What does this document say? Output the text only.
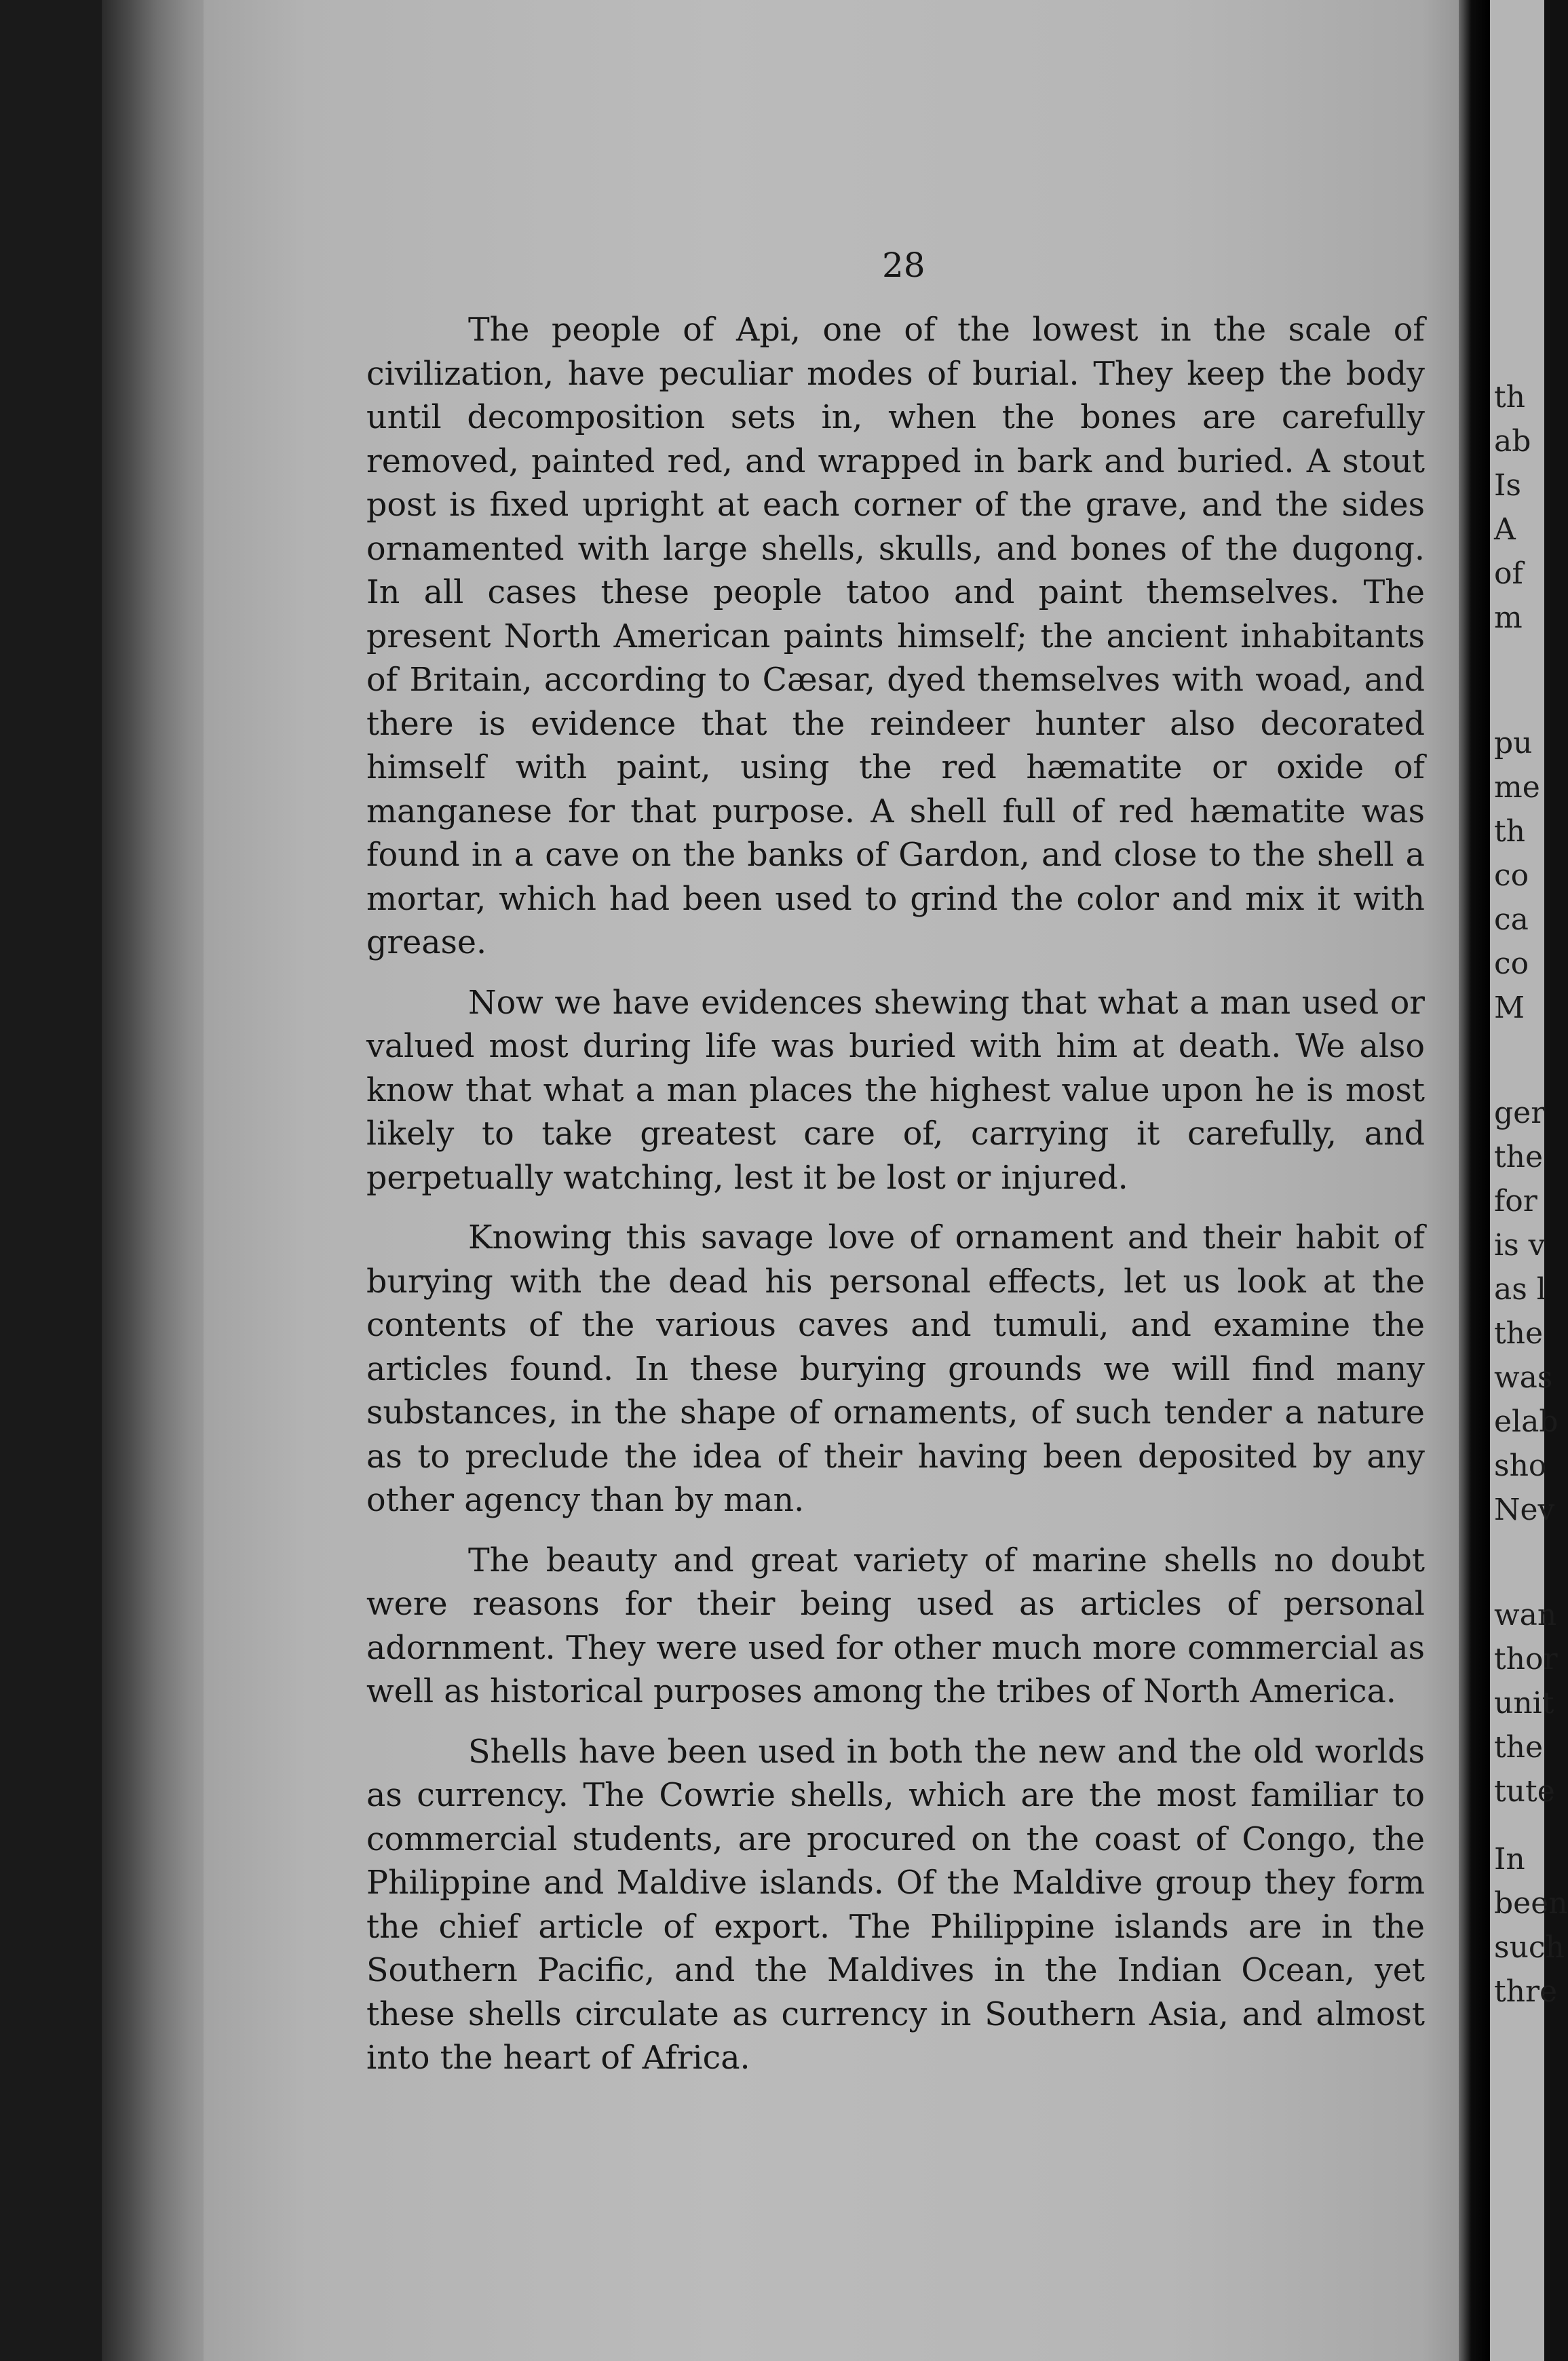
th
ab
Is
A
of
m
pu
me
th
co
ca
co
M
ger
the
for
is v
as l
the
was
elab
sho
Nev
wan
thor
unit
the
tute
In
been
such
thre
28

The people of Api, one of the lowest in the scale of civilization, have peculiar modes of burial. They keep the body until decomposition sets in, when the bones are carefully removed, painted red, and wrapped in bark and buried. A stout post is fixed upright at each corner of the grave, and the sides ornamented with large shells, skulls, and bones of the dugong. In all cases these people tatoo and paint themselves. The present North American paints himself; the ancient inhabitants of Britain, according to Cæsar, dyed themselves with woad, and there is evidence that the reindeer hunter also decorated himself with paint, using the red hæmatite or oxide of manganese for that purpose. A shell full of red hæmatite was found in a cave on the banks of Gardon, and close to the shell a mortar, which had been used to grind the color and mix it with grease.

Now we have evidences shewing that what a man used or valued most during life was buried with him at death. We also know that what a man places the highest value upon he is most likely to take greatest care of, carrying it carefully, and perpetually watching, lest it be lost or injured.

Knowing this savage love of ornament and their habit of burying with the dead his personal effects, let us look at the contents of the various caves and tumuli, and examine the articles found. In these burying grounds we will find many substances, in the shape of ornaments, of such tender a nature as to preclude the idea of their having been deposited by any other agency than by man.

The beauty and great variety of marine shells no doubt were reasons for their being used as articles of personal adornment. They were used for other much more commercial as well as historical purposes among the tribes of North America.

Shells have been used in both the new and the old worlds as currency. The Cowrie shells, which are the most familiar to commercial students, are procured on the coast of Congo, the Philippine and Maldive islands. Of the Maldive group they form the chief article of export. The Philippine islands are in the Southern Pacific, and the Maldives in the Indian Ocean, yet these shells circulate as currency in Southern Asia, and almost into the heart of Africa.
